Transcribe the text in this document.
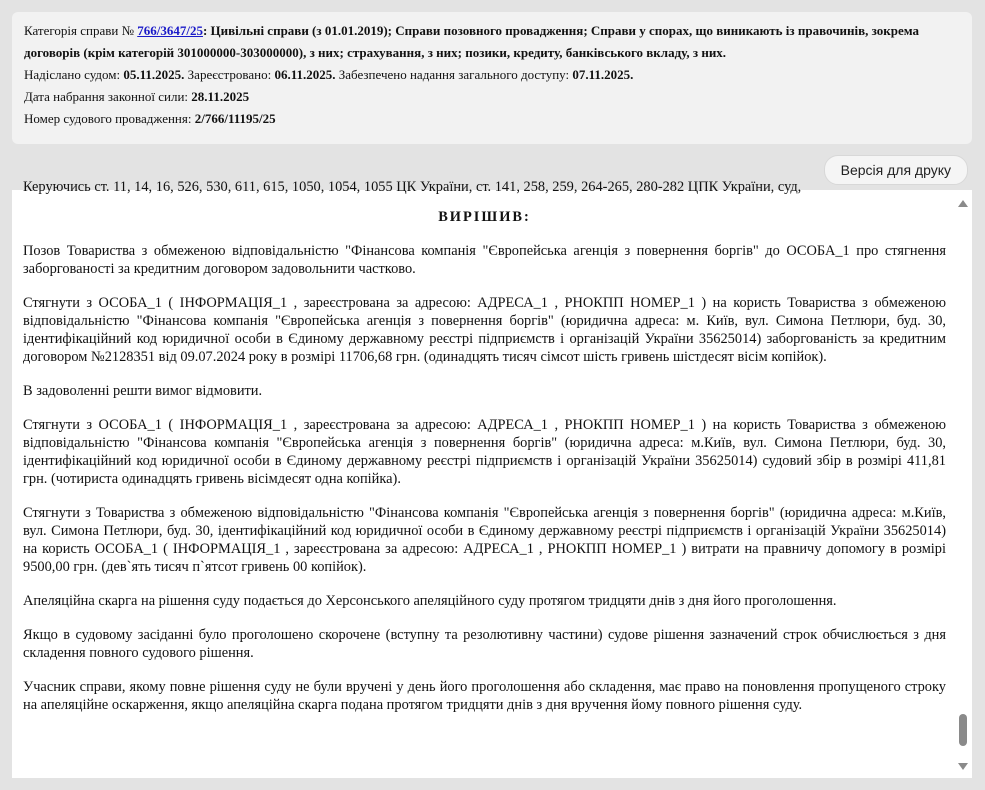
Категорія справи № 766/3647/25: Цивільні справи (з 01.01.2019); Справи позовного провадження; Справи у спорах, що виникають із правочинів, зокрема договорів (крім категорій 301000000-303000000), з них; страхування, з них; позики, кредиту, банківського вкладу, з них.
Надіслано судом: 05.11.2025. Зареєстровано: 06.11.2025. Забезпечено надання загального доступу: 07.11.2025.
Дата набрання законної сили: 28.11.2025
Номер судового провадження: 2/766/11195/25
Версія для друку

Керуючись ст. 11, 14, 16, 526, 530, 611, 615, 1050, 1054, 1055 ЦК України, ст. 141, 258, 259, 264-265, 280-282 ЦПК України, суд,

ВИРІШИВ:

Позов Товариства з обмеженою відповідальністю "Фінансова компанія "Європейська агенція з повернення боргів" до ОСОБА_1 про стягнення заборгованості за кредитним договором задовольнити частково.

Стягнути з ОСОБА_1 ( ІНФОРМАЦІЯ_1 , зареєстрована за адресою: АДРЕСА_1 , РНОКПП НОМЕР_1 ) на користь Товариства з обмеженою відповідальністю "Фінансова компанія "Європейська агенція з повернення боргів" (юридична адреса: м. Київ, вул. Симона Петлюри, буд. 30, ідентифікаційний код юридичної особи в Єдиному державному реєстрі підприємств і організацій України 35625014) заборгованість за кредитним договором №2128351 від 09.07.2024 року в розмірі 11706,68 грн. (одинадцять тисяч сімсот шість гривень шістдесят вісім копійок).

В задоволенні решти вимог відмовити.

Стягнути з ОСОБА_1 ( ІНФОРМАЦІЯ_1 , зареєстрована за адресою: АДРЕСА_1 , РНОКПП НОМЕР_1 ) на користь Товариства з обмеженою відповідальністю "Фінансова компанія "Європейська агенція з повернення боргів" (юридична адреса: м.Київ, вул. Симона Петлюри, буд. 30, ідентифікаційний код юридичної особи в Єдиному державному реєстрі підприємств і організацій України 35625014) судовий збір в розмірі 411,81 грн. (чотириста одинадцять гривень вісімдесят одна копійка).

Стягнути з Товариства з обмеженою відповідальністю "Фінансова компанія "Європейська агенція з повернення боргів" (юридична адреса: м.Київ, вул. Симона Петлюри, буд. 30, ідентифікаційний код юридичної особи в Єдиному державному реєстрі підприємств і організацій України 35625014) на користь ОСОБА_1 ( ІНФОРМАЦІЯ_1 , зареєстрована за адресою: АДРЕСА_1 , РНОКПП НОМЕР_1 ) витрати на правничу допомогу в розмірі 9500,00 грн. (дев`ять тисяч п`ятсот гривень 00 копійок).

Апеляційна скарга на рішення суду подається до Херсонського апеляційного суду протягом тридцяти днів з дня його проголошення.

Якщо в судовому засіданні було проголошено скорочене (вступну та резолютивну частини) судове рішення зазначений строк обчислюється з дня складення повного судового рішення.

Учасник справи, якому повне рішення суду не були вручені у день його проголошення або складення, має право на поновлення пропущеного строку на апеляційне оскарження, якщо апеляційна скарга подана протягом тридцяти днів з дня вручення йому повного рішення суду.
